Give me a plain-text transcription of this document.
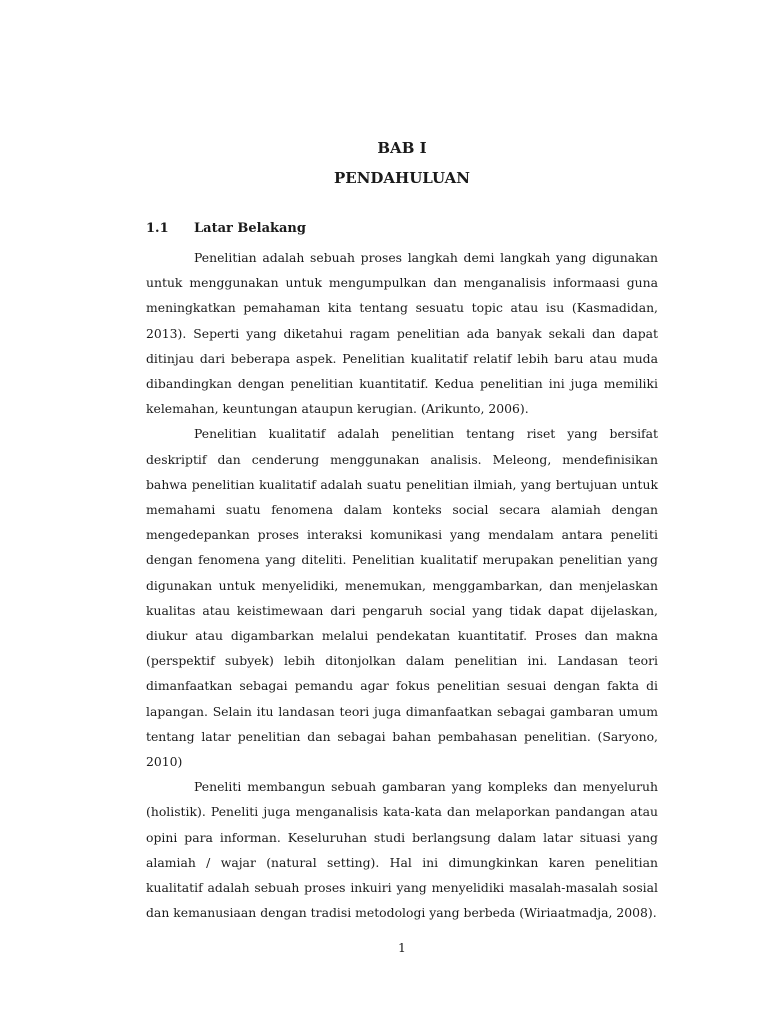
BAB I
PENDAHULUAN
1.1 Latar Belakang

Penelitian adalah sebuah proses langkah demi langkah yang digunakan untuk menggunakan untuk mengumpulkan dan menganalisis informaasi guna meningkatkan pemahaman kita tentang sesuatu topic atau isu (Kasmadidan, 2013). Seperti yang diketahui ragam penelitian ada banyak sekali dan dapat ditinjau dari beberapa aspek. Penelitian kualitatif relatif lebih baru atau muda dibandingkan dengan penelitian kuantitatif. Kedua penelitian ini juga memiliki kelemahan, keuntungan ataupun kerugian. (Arikunto, 2006).

Penelitian kualitatif adalah penelitian tentang riset yang bersifat deskriptif dan cenderung menggunakan analisis. Meleong, mendefinisikan bahwa penelitian kualitatif adalah suatu penelitian ilmiah, yang bertujuan untuk memahami suatu fenomena dalam konteks social secara alamiah dengan mengedepankan proses interaksi komunikasi yang mendalam antara peneliti dengan fenomena yang diteliti. Penelitian kualitatif merupakan penelitian yang digunakan untuk menyelidiki, menemukan, menggambarkan, dan menjelaskan kualitas atau keistimewaan dari pengaruh social yang tidak dapat dijelaskan, diukur atau digambarkan melalui pendekatan kuantitatif. Proses dan makna (perspektif subyek) lebih ditonjolkan dalam penelitian ini. Landasan teori dimanfaatkan sebagai pemandu agar fokus penelitian sesuai dengan fakta di lapangan. Selain itu landasan teori juga dimanfaatkan sebagai gambaran umum tentang latar penelitian dan sebagai bahan pembahasan penelitian. (Saryono, 2010)

Peneliti membangun sebuah gambaran yang kompleks dan menyeluruh (holistik). Peneliti juga menganalisis kata-kata dan melaporkan pandangan atau opini para informan. Keseluruhan studi berlangsung dalam latar situasi yang alamiah / wajar (natural setting). Hal ini dimungkinkan karen penelitian kualitatif adalah sebuah proses inkuiri yang menyelidiki masalah-masalah sosial dan kemanusiaan dengan tradisi metodologi yang berbeda (Wiriaatmadja, 2008).

1
